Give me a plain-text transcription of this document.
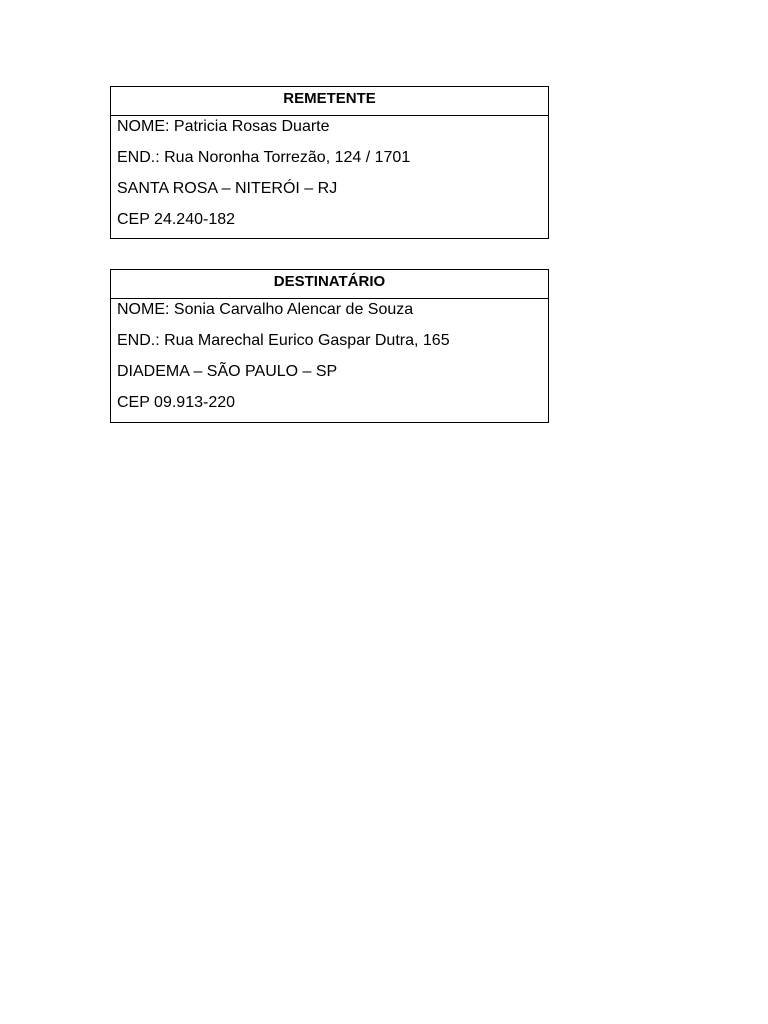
REMETENTE
NOME: Patricia Rosas Duarte
END.: Rua Noronha Torrezão, 124 / 1701
SANTA ROSA – NITERÓI – RJ
CEP 24.240-182
DESTINATÁRIO
NOME: Sonia Carvalho Alencar de Souza
END.: Rua Marechal Eurico Gaspar Dutra, 165
DIADEMA – SÃO PAULO – SP
CEP 09.913-220
